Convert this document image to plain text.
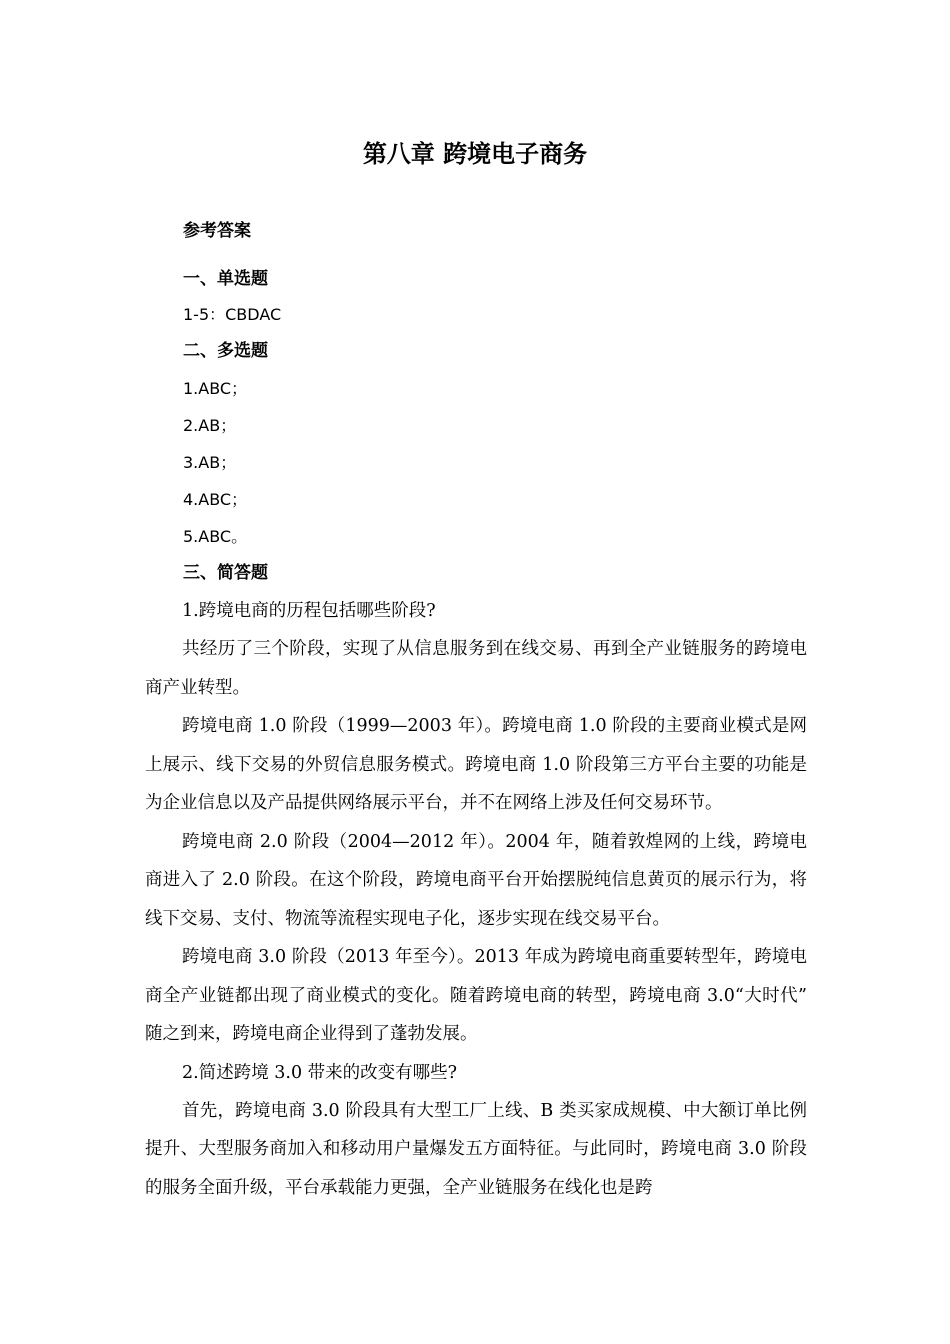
第八章 跨境电子商务

参考答案

一、单选题

1-5：CBDAC

二、多选题

1.ABC；

2.AB；

3.AB；

4.ABC；

5.ABC。

三、简答题

1.跨境电商的历程包括哪些阶段?

共经历了三个阶段，实现了从信息服务到在线交易、再到全产业链服务的跨境电商产业转型。

跨境电商 1.0 阶段（1999—2003 年）。跨境电商 1.0 阶段的主要商业模式是网上展示、线下交易的外贸信息服务模式。跨境电商 1.0 阶段第三方平台主要的功能是为企业信息以及产品提供网络展示平台，并不在网络上涉及任何交易环节。

跨境电商 2.0 阶段（2004—2012 年）。2004 年，随着敦煌网的上线，跨境电商进入了 2.0 阶段。在这个阶段，跨境电商平台开始摆脱纯信息黄页的展示行为，将线下交易、支付、物流等流程实现电子化，逐步实现在线交易平台。

跨境电商 3.0 阶段（2013 年至今）。2013 年成为跨境电商重要转型年，跨境电商全产业链都出现了商业模式的变化。随着跨境电商的转型，跨境电商 3.0“大时代” 随之到来，跨境电商企业得到了蓬勃发展。

2.简述跨境 3.0 带来的改变有哪些?

首先，跨境电商 3.0 阶段具有大型工厂上线、B 类买家成规模、中大额订单比例提升、大型服务商加入和移动用户量爆发五方面特征。与此同时，跨境电商 3.0 阶段的服务全面升级，平台承载能力更强，全产业链服务在线化也是跨
